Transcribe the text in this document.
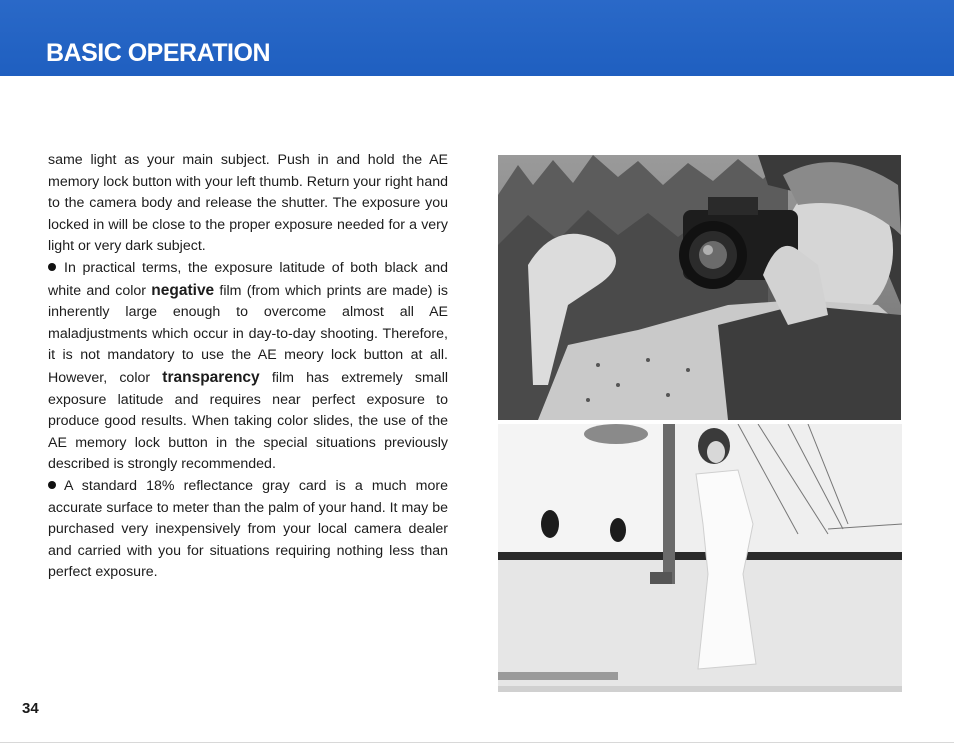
BASIC OPERATION

same light as your main subject. Push in and hold the AE memory lock button with your left thumb. Return your right hand to the camera body and release the shutter. The exposure you locked in will be close to the proper exposure needed for a very light or very dark subject.

In practical terms, the exposure latitude of both black and white and color negative film (from which prints are made) is inherently large enough to overcome almost all AE maladjustments which occur in day-to-day shooting. Therefore, it is not mandatory to use the AE meory lock button at all. However, color transparency film has extremely small exposure latitude and requires near perfect exposure to produce good results. When taking color slides, the use of the AE memory lock button in the special situations previously described is strongly recommended.

A standard 18% reflectance gray card is a much more accurate surface to meter than the palm of your hand. It may be purchased very inexpensively from your local camera dealer and carried with you for situations requiring nothing less than perfect exposure.

34
